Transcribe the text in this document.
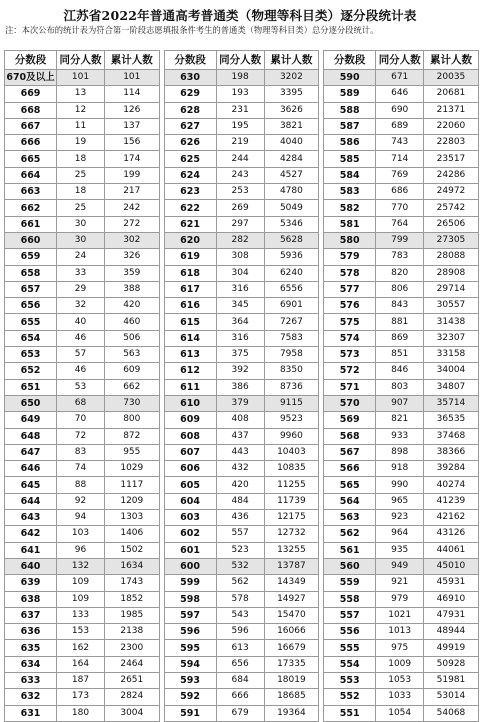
江苏省2022年普通高考普通类（物理等科目类）逐分段统计表
注：本次公布的统计表为符合第一阶段志愿填报条件考生的普通类（物理等科目类）总分逐分段统计。
分数段	同分人数	累计人数
670及以上	101	101
669	13	114
668	12	126
667	11	137
666	19	156
665	18	174
664	25	199
663	18	217
662	25	242
661	30	272
660	30	302
659	24	326
658	33	359
657	29	388
656	32	420
655	40	460
654	46	506
653	57	563
652	46	609
651	53	662
650	68	730
649	70	800
648	72	872
647	83	955
646	74	1029
645	88	1117
644	92	1209
643	94	1303
642	103	1406
641	96	1502
640	132	1634
639	109	1743
638	109	1852
637	133	1985
636	153	2138
635	162	2300
634	164	2464
633	187	2651
632	173	2824
631	180	3004
分数段	同分人数	累计人数
630	198	3202
629	193	3395
628	231	3626
627	195	3821
626	219	4040
625	244	4284
624	243	4527
623	253	4780
622	269	5049
621	297	5346
620	282	5628
619	308	5936
618	304	6240
617	316	6556
616	345	6901
615	364	7267
614	316	7583
613	375	7958
612	392	8350
611	386	8736
610	379	9115
609	408	9523
608	437	9960
607	443	10403
606	432	10835
605	420	11255
604	484	11739
603	436	12175
602	557	12732
601	523	13255
600	532	13787
599	562	14349
598	578	14927
597	543	15470
596	596	16066
595	613	16679
594	656	17335
593	684	18019
592	666	18685
591	679	19364
分数段	同分人数	累计人数
590	671	20035
589	646	20681
588	690	21371
587	689	22060
586	743	22803
585	714	23517
584	769	24286
583	686	24972
582	770	25742
581	764	26506
580	799	27305
579	783	28088
578	820	28908
577	806	29714
576	843	30557
575	881	31438
574	869	32307
573	851	33158
572	846	34004
571	803	34807
570	907	35714
569	821	36535
568	933	37468
567	898	38366
566	918	39284
565	990	40274
564	965	41239
563	923	42162
562	964	43126
561	935	44061
560	949	45010
559	921	45931
558	979	46910
557	1021	47931
556	1013	48944
555	975	49919
554	1009	50928
553	1053	51981
552	1033	53014
551	1054	54068
